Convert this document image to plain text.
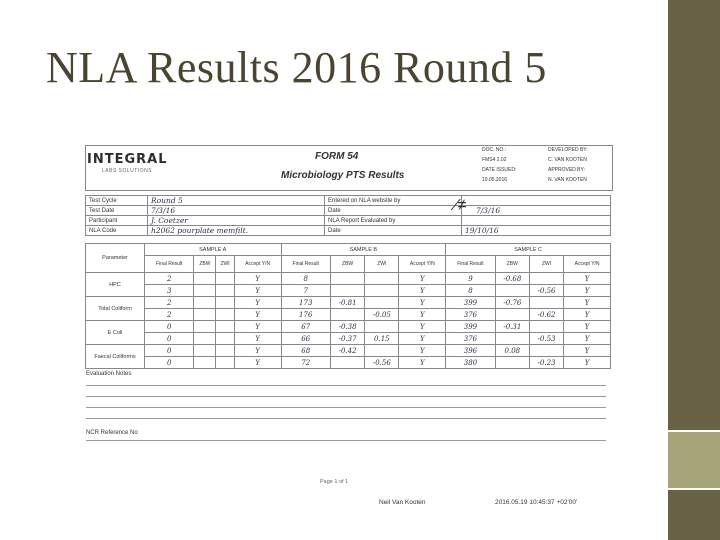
NLA Results 2016 Round 5
INTEGRAL
LABS SOLUTIONS
FORM 54
Microbiology PTS Results
DOC. NO.:
FMS4 2.02
DATE ISSUED:
10.05.2016
DEVELOPED BY:
C. VAN KOOTEN
APPROVED BY:
N. VAN KOOTEN
Test Cycle	Round 5	Entered on NLA website by	
Test Date	7/3/16	Date	7/3/16
Participant	J. Coetzer	NLA Report Evaluated by	
NLA Code	h2062 pourplate memfilt.	Date	19/10/16
⁄≠
Parameter	SAMPLE A				SAMPLE B				SAMPLE C			
	Final Result	ZBW	ZWI	Accept Y/N	Final Result	ZBW	ZWI	Accept Y/N	Final Result	ZBW	ZWI	Accept Y/N
HPC	2			Y	8			Y	9	-0.68		Y
	3			Y	7			Y	8		-0.56	Y
Total Coliform	2			Y	173	-0.81		Y	399	-0.76		Y
	2			Y	176		-0.05	Y	376		-0.62	Y
E Coli	0			Y	67	-0.38		Y	399	-0.31		Y
	0			Y	66	-0.37	0.15	Y	376		-0.53	Y
Faecal Coliforms	0			Y	68	-0.42		Y	396	0.08		Y
	0			Y	72		-0.56	Y	380		-0.23	Y
Evaluation Notes
NCR Reference No
Page 1 of 1
Neil Van Kooten	2016.05.19 10:45:37 +02'00'
